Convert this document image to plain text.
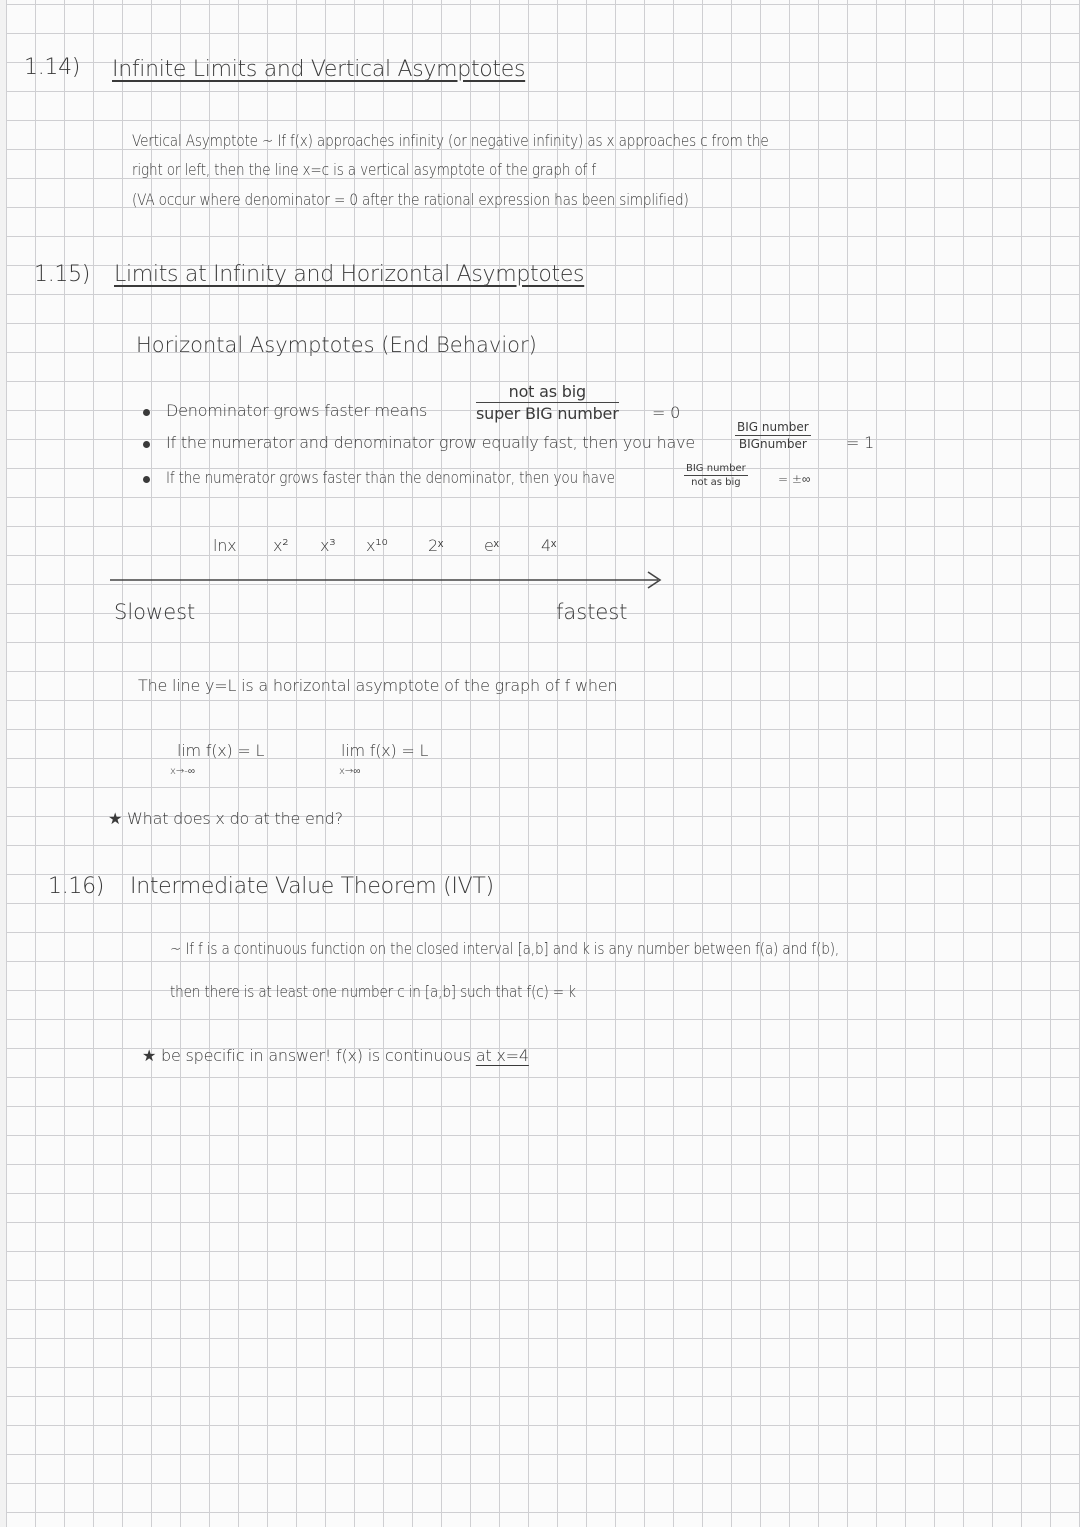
1.14) Infinite Limits and Vertical Asymptotes
Vertical Asymptote ~ If f(x) approaches infinity (or negative infinity) as x approaches c from the
right or left, then the line x=c is a vertical asymptote of the graph of f
(VA occur where denominator = 0 after the rational expression has been simplified)
1.15) Limits at Infinity and Horizontal Asymptotes
Horizontal Asymptotes (End Behavior)
Denominator grows faster means
not as big
super BIG number = 0
If the numerator and denominator grow equally fast, then you have
BIG number
BIGnumber = 1
If the numerator grows faster than the denominator, then you have	BIG number
not as big	= ±∞
lnx x² x³ x¹⁰	2ˣ	eˣ	4ˣ
Slowest	fastest
The line y=L is a horizontal asymptote of the graph of f when
lim f(x) = L
x→-∞
lim f(x) = L
x→∞
★ What does x do at the end?
1.16) Intermediate Value Theorem (IVT)
~ If f is a continuous function on the closed interval [a,b] and k is any number between f(a) and f(b),
then there is at least one number c in [a,b] such that f(c) = k
★ be specific in answer! f(x) is continuous at x=4
